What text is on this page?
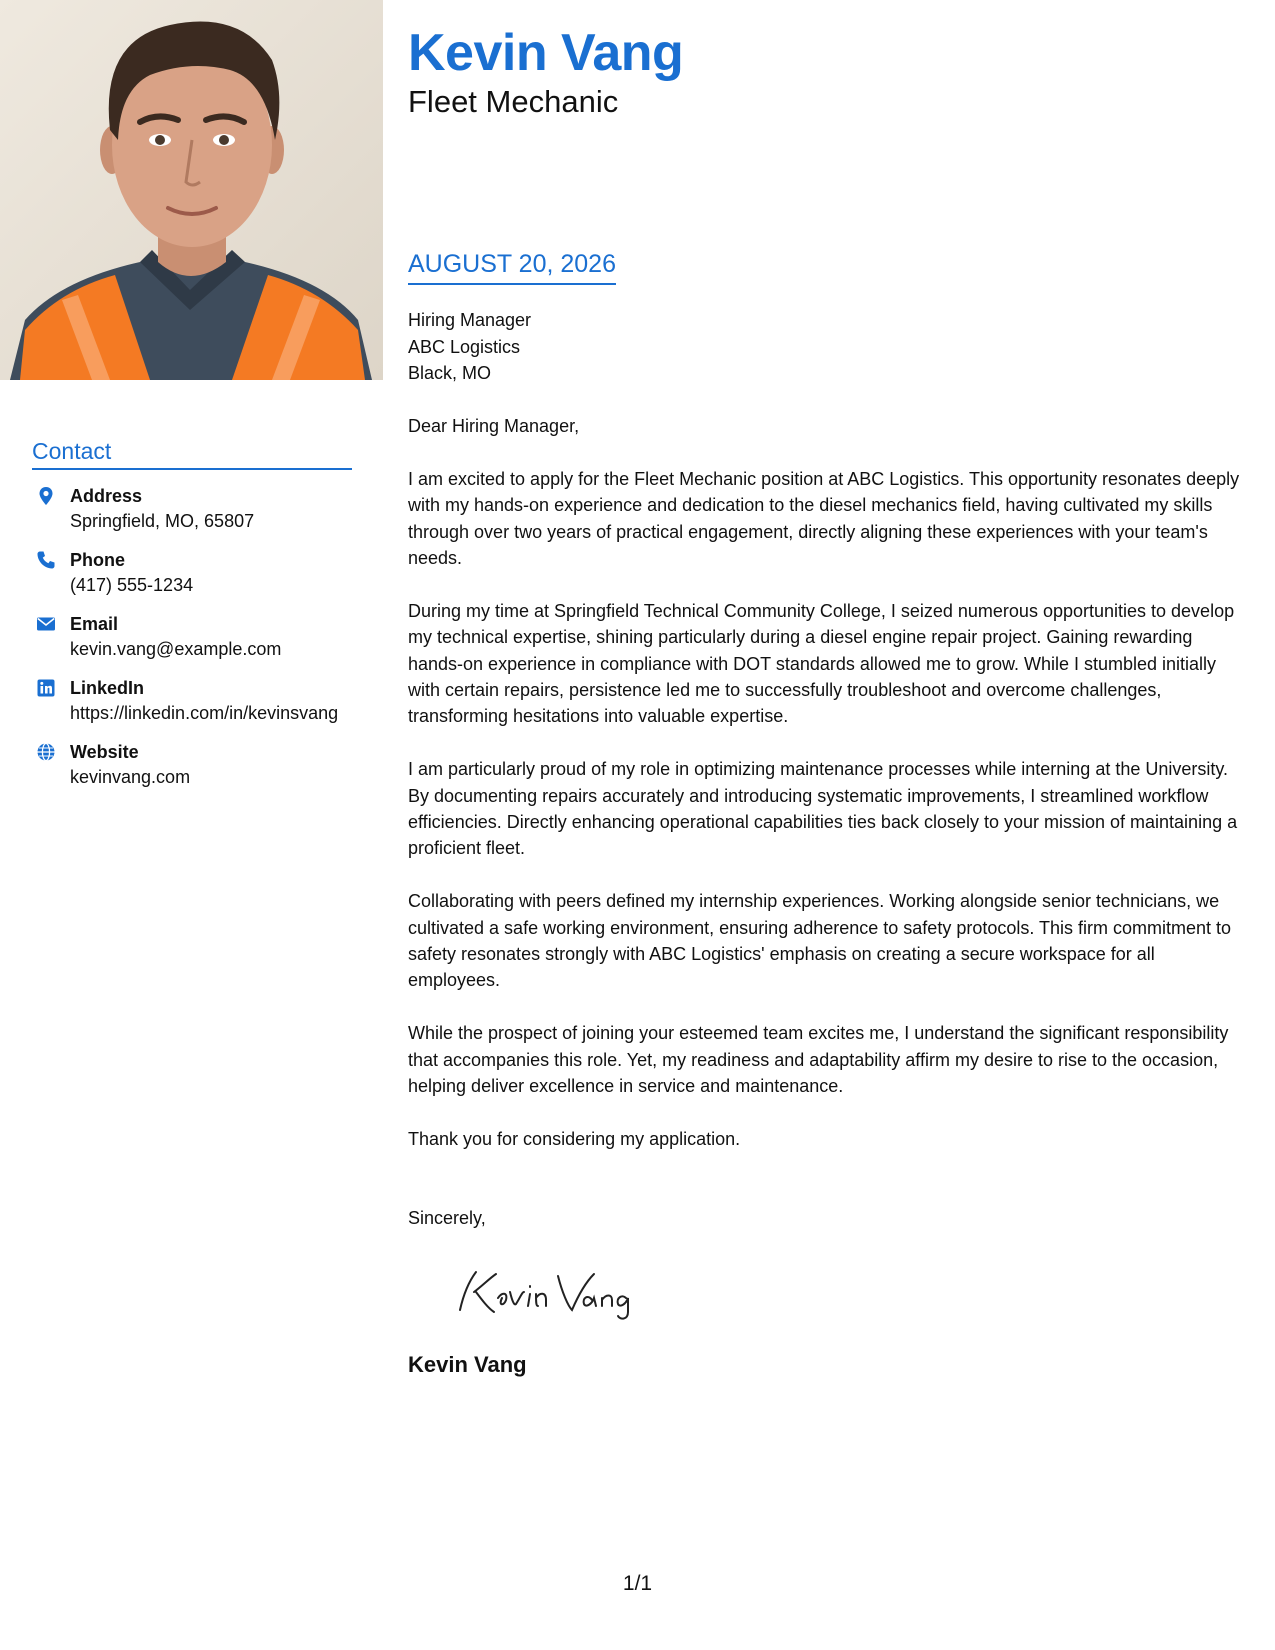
Contact
Address
Springfield, MO, 65807
Phone
(417) 555-1234
Email
kevin.vang@example.com
LinkedIn
https://linkedin.com/in/kevinsvang
Website
kevinvang.com
Kevin Vang
Fleet Mechanic
AUGUST 20, 2026
Hiring Manager
ABC Logistics
Black, MO

Dear Hiring Manager,

I am excited to apply for the Fleet Mechanic position at ABC Logistics. This opportunity resonates deeply with my hands-on experience and dedication to the diesel mechanics field, having cultivated my skills through over two years of practical engagement, directly aligning these experiences with your team's needs.

During my time at Springfield Technical Community College, I seized numerous opportunities to develop my technical expertise, shining particularly during a diesel engine repair project. Gaining rewarding hands-on experience in compliance with DOT standards allowed me to grow. While I stumbled initially with certain repairs, persistence led me to successfully troubleshoot and overcome challenges, transforming hesitations into valuable expertise.

I am particularly proud of my role in optimizing maintenance processes while interning at the University. By documenting repairs accurately and introducing systematic improvements, I streamlined workflow efficiencies. Directly enhancing operational capabilities ties back closely to your mission of maintaining a proficient fleet.

Collaborating with peers defined my internship experiences. Working alongside senior technicians, we cultivated a safe working environment, ensuring adherence to safety protocols. This firm commitment to safety resonates strongly with ABC Logistics' emphasis on creating a secure workspace for all employees.

While the prospect of joining your esteemed team excites me, I understand the significant responsibility that accompanies this role. Yet, my readiness and adaptability affirm my desire to rise to the occasion, helping deliver excellence in service and maintenance.

Thank you for considering my application.

Sincerely,
Kevin Vang
1/1
